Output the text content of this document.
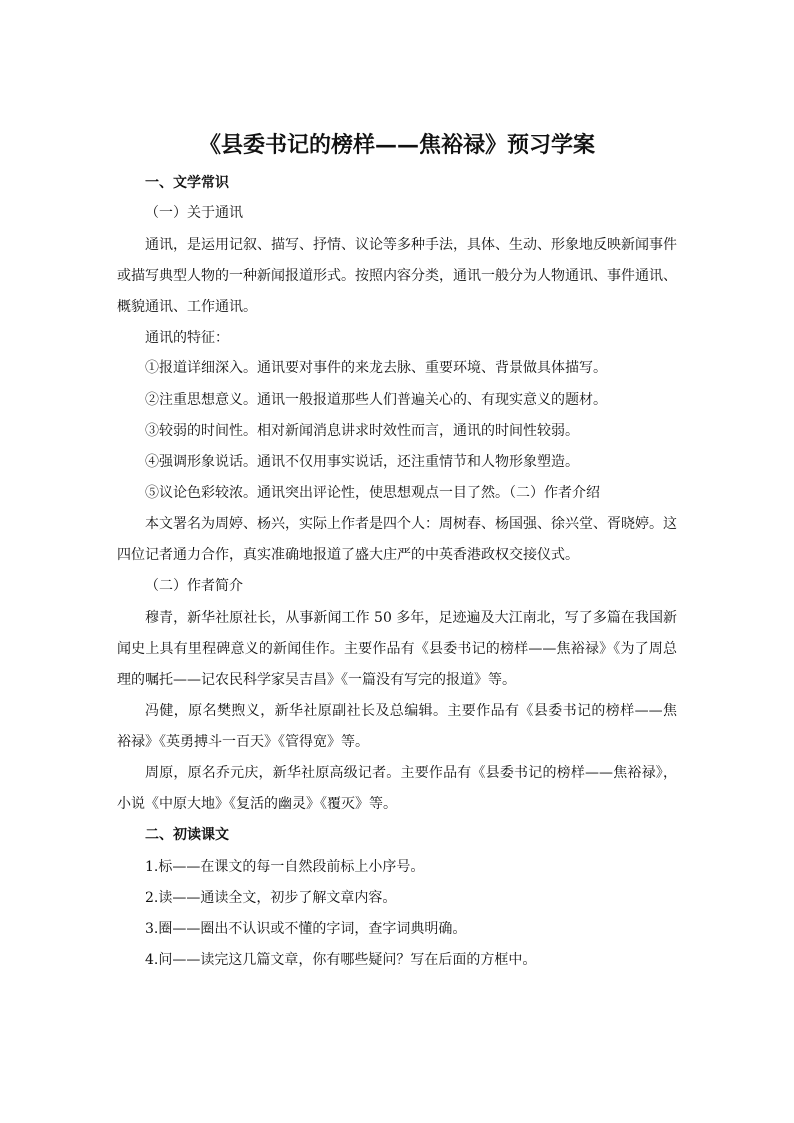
《县委书记的榜样——焦裕禄》预习学案
一、文学常识
（一）关于通讯
通讯，是运用记叙、描写、抒情、议论等多种手法，具体、生动、形象地反映新闻事件
或描写典型人物的一种新闻报道形式。按照内容分类，通讯一般分为人物通讯、事件通讯、
概貌通讯、工作通讯。
通讯的特征：
①报道详细深入。通讯要对事件的来龙去脉、重要环境、背景做具体描写。
②注重思想意义。通讯一般报道那些人们普遍关心的、有现实意义的题材。
③较弱的时间性。相对新闻消息讲求时效性而言，通讯的时间性较弱。
④强调形象说话。通讯不仅用事实说话，还注重情节和人物形象塑造。
⑤议论色彩较浓。通讯突出评论性，使思想观点一目了然。（二）作者介绍
本文署名为周婷、杨兴，实际上作者是四个人：周树春、杨国强、徐兴堂、胥晓婷。这
四位记者通力合作，真实准确地报道了盛大庄严的中英香港政权交接仪式。
（二）作者简介
穆青，新华社原社长，从事新闻工作 50 多年，足迹遍及大江南北，写了多篇在我国新
闻史上具有里程碑意义的新闻佳作。主要作品有《县委书记的榜样——焦裕禄》《为了周总
理的嘱托——记农民科学家吴吉昌》《一篇没有写完的报道》等。
冯健，原名樊煦义，新华社原副社长及总编辑。主要作品有《县委书记的榜样——焦
裕禄》《英勇搏斗一百天》《管得宽》等。
周原，原名乔元庆，新华社原高级记者。主要作品有《县委书记的榜样——焦裕禄》，
小说《中原大地》《复活的幽灵》《覆灭》等。
二、初读课文
1.标——在课文的每一自然段前标上小序号。
2.读——通读全文，初步了解文章内容。
3.圈——圈出不认识或不懂的字词，查字词典明确。
4.问——读完这几篇文章，你有哪些疑问？写在后面的方框中。
